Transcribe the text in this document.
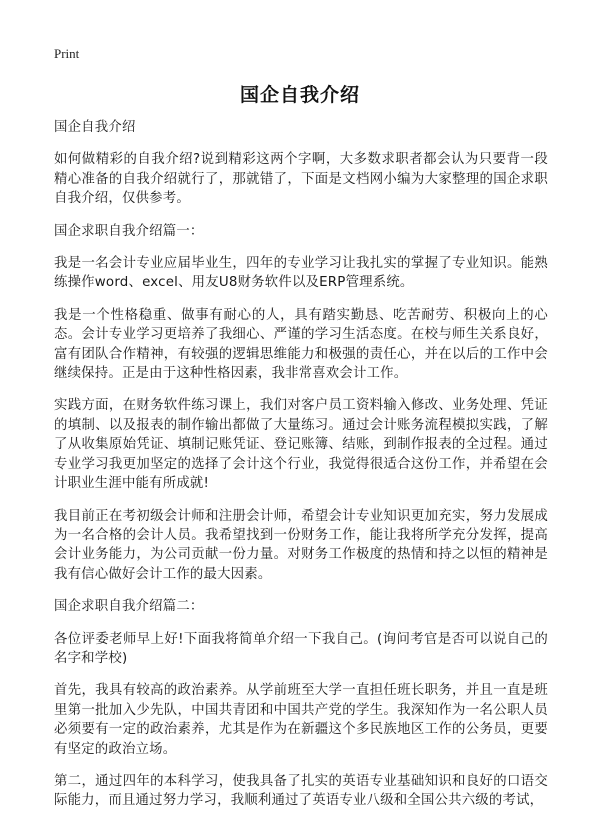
Print
国企自我介绍

国企自我介绍

如何做精彩的自我介绍?说到精彩这两个字啊，大多数求职者都会认为只要背一段精心准备的自我介绍就行了，那就错了，下面是文档网小编为大家整理的国企求职自我介绍，仅供参考。

国企求职自我介绍篇一：

我是一名会计专业应届毕业生，四年的专业学习让我扎实的掌握了专业知识。能熟练操作word、excel、用友U8财务软件以及ERP管理系统。

我是一个性格稳重、做事有耐心的人，具有踏实勤恳、吃苦耐劳、积极向上的心态。会计专业学习更培养了我细心、严谨的学习生活态度。在校与师生关系良好，富有团队合作精神，有较强的逻辑思维能力和极强的责任心，并在以后的工作中会继续保持。正是由于这种性格因素，我非常喜欢会计工作。

实践方面，在财务软件练习课上，我们对客户员工资料输入修改、业务处理、凭证的填制、以及报表的制作输出都做了大量练习。通过会计账务流程模拟实践，了解了从收集原始凭证、填制记账凭证、登记账簿、结账，到制作报表的全过程。通过专业学习我更加坚定的选择了会计这个行业，我觉得很适合这份工作，并希望在会计职业生涯中能有所成就!

我目前正在考初级会计师和注册会计师，希望会计专业知识更加充实，努力发展成为一名合格的会计人员。我希望找到一份财务工作，能让我将所学充分发挥，提高会计业务能力，为公司贡献一份力量。对财务工作极度的热情和持之以恒的精神是我有信心做好会计工作的最大因素。

国企求职自我介绍篇二：

各位评委老师早上好!下面我将简单介绍一下我自己。(询问考官是否可以说自己的名字和学校)

首先，我具有较高的政治素养。从学前班至大学一直担任班长职务，并且一直是班里第一批加入少先队，中国共青团和中国共产党的学生。我深知作为一名公职人员必须要有一定的政治素养，尤其是作为在新疆这个多民族地区工作的公务员，更要有坚定的政治立场。

第二，通过四年的本科学习，使我具备了扎实的英语专业基础知识和良好的口语交际能力，而且通过努力学习，我顺利通过了英语专业八级和全国公共六级的考试，
